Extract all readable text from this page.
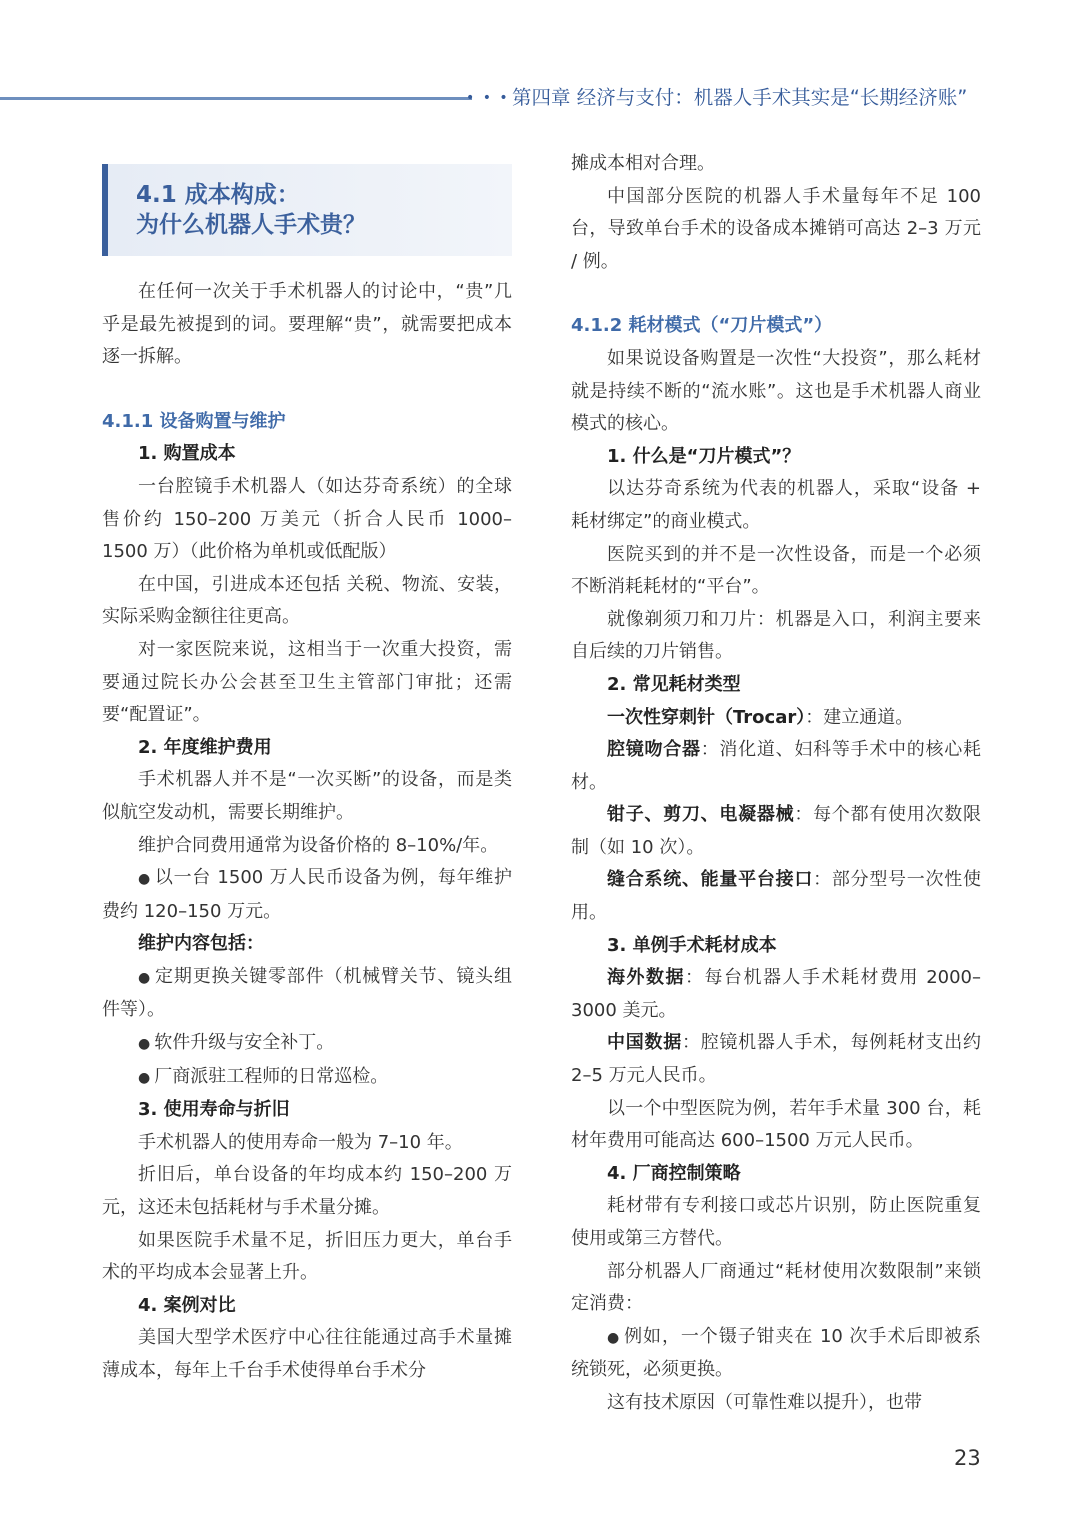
• • • 第四章 经济与支付：机器人手术其实是“长期经济账”
4.1 成本构成：
为什么机器人手术贵？
在任何一次关于手术机器人的讨论中，“贵”几乎是最先被提到的词。要理解“贵”，就需要把成本逐一拆解。
4.1.1 设备购置与维护
1. 购置成本
一台腔镜手术机器人（如达芬奇系统）的全球售价约 150–200 万美元（折合人民币 1000–1500 万）（此价格为单机或低配版）
在中国，引进成本还包括 关税、物流、安装，实际采购金额往往更高。
对一家医院来说，这相当于一次重大投资，需要通过院长办公会甚至卫生主管部门审批；还需要“配置证”。
2. 年度维护费用
手术机器人并不是“一次买断”的设备，而是类似航空发动机，需要长期维护。
维护合同费用通常为设备价格的 8–10%/年。
● 以一台 1500 万人民币设备为例，每年维护费约 120–150 万元。
维护内容包括：
● 定期更换关键零部件（机械臂关节、镜头组件等）。
● 软件升级与安全补丁。
● 厂商派驻工程师的日常巡检。
3. 使用寿命与折旧
手术机器人的使用寿命一般为 7–10 年。
折旧后，单台设备的年均成本约 150–200 万元，这还未包括耗材与手术量分摊。
如果医院手术量不足，折旧压力更大，单台手术的平均成本会显著上升。
4. 案例对比
美国大型学术医疗中心往往能通过高手术量摊薄成本，每年上千台手术使得单台手术分
摊成本相对合理。
中国部分医院的机器人手术量每年不足 100 台，导致单台手术的设备成本摊销可高达 2–3 万元 / 例。
4.1.2 耗材模式（“刀片模式”）
如果说设备购置是一次性“大投资”，那么耗材就是持续不断的“流水账”。这也是手术机器人商业模式的核心。
1. 什么是“刀片模式”？
以达芬奇系统为代表的机器人，采取“设备 + 耗材绑定”的商业模式。
医院买到的并不是一次性设备，而是一个必须不断消耗耗材的“平台”。
就像剃须刀和刀片：机器是入口，利润主要来自后续的刀片销售。
2. 常见耗材类型
一次性穿刺针（Trocar）：建立通道。
腔镜吻合器：消化道、妇科等手术中的核心耗材。
钳子、剪刀、电凝器械：每个都有使用次数限制（如 10 次）。
缝合系统、能量平台接口：部分型号一次性使用。
3. 单例手术耗材成本
海外数据：每台机器人手术耗材费用 2000–3000 美元。
中国数据：腔镜机器人手术，每例耗材支出约 2–5 万元人民币。
以一个中型医院为例，若年手术量 300 台，耗材年费用可能高达 600–1500 万元人民币。
4. 厂商控制策略
耗材带有专利接口或芯片识别，防止医院重复使用或第三方替代。
部分机器人厂商通过“耗材使用次数限制”来锁定消费：
● 例如，一个镊子钳夹在 10 次手术后即被系统锁死，必须更换。
这有技术原因（可靠性难以提升），也带
23
